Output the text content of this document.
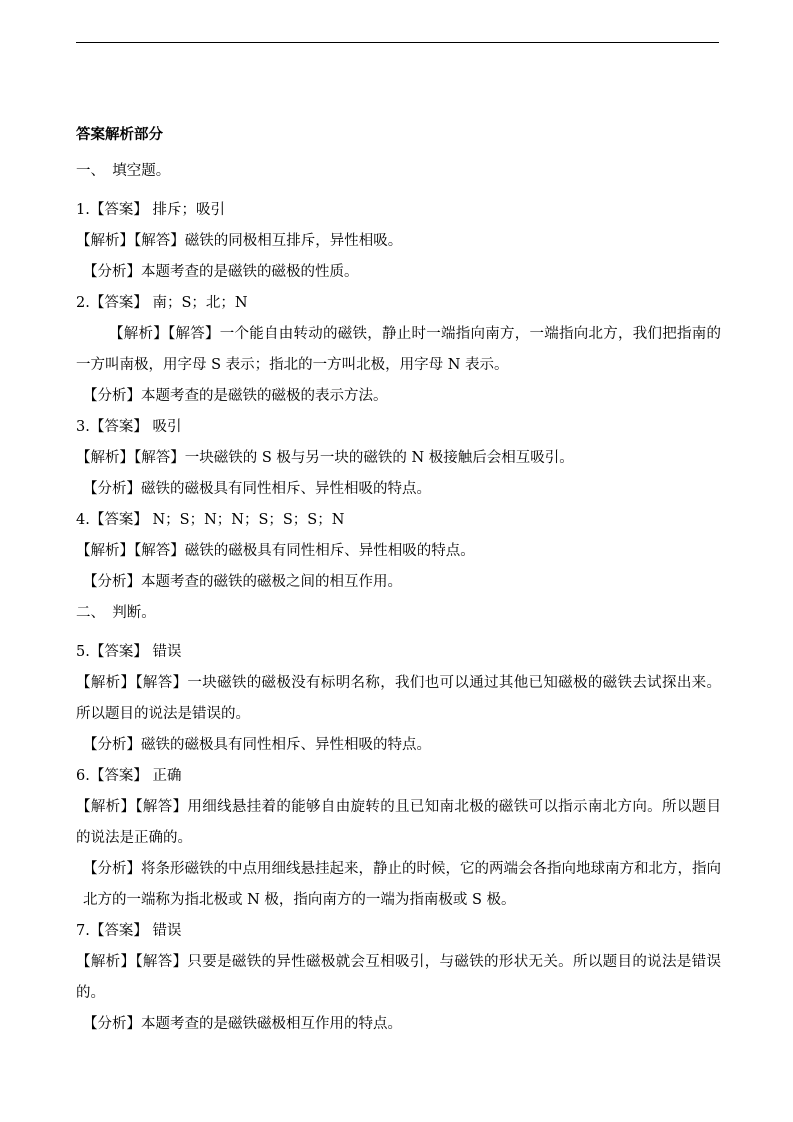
答案解析部分
一、　填空题。
1.【答案】 排斥；吸引
【解析】【解答】磁铁的同极相互排斥，异性相吸。
【分析】本题考查的是磁铁的磁极的性质。
2.【答案】 南；S；北；N
【解析】【解答】一个能自由转动的磁铁，静止时一端指向南方，一端指向北方，我们把指南的一方叫南极，用字母 S 表示；指北的一方叫北极，用字母 N 表示。
【分析】本题考查的是磁铁的磁极的表示方法。
3.【答案】 吸引
【解析】【解答】一块磁铁的 S 极与另一块的磁铁的 N 极接触后会相互吸引。
【分析】磁铁的磁极具有同性相斥、异性相吸的特点。
4.【答案】 N；S；N；N；S；S；S；N
【解析】【解答】磁铁的磁极具有同性相斥、异性相吸的特点。
【分析】本题考查的磁铁的磁极之间的相互作用。
二、　判断。
5.【答案】 错误
【解析】【解答】一块磁铁的磁极没有标明名称，我们也可以通过其他已知磁极的磁铁去试探出来。所以题目的说法是错误的。
【分析】磁铁的磁极具有同性相斥、异性相吸的特点。
6.【答案】 正确
【解析】【解答】用细线悬挂着的能够自由旋转的且已知南北极的磁铁可以指示南北方向。所以题目的说法是正确的。
【分析】将条形磁铁的中点用细线悬挂起来，静止的时候，它的两端会各指向地球南方和北方，指向北方的一端称为指北极或 N 极，指向南方的一端为指南极或 S 极。
7.【答案】 错误
【解析】【解答】只要是磁铁的异性磁极就会互相吸引，与磁铁的形状无关。所以题目的说法是错误的。
【分析】本题考查的是磁铁磁极相互作用的特点。
